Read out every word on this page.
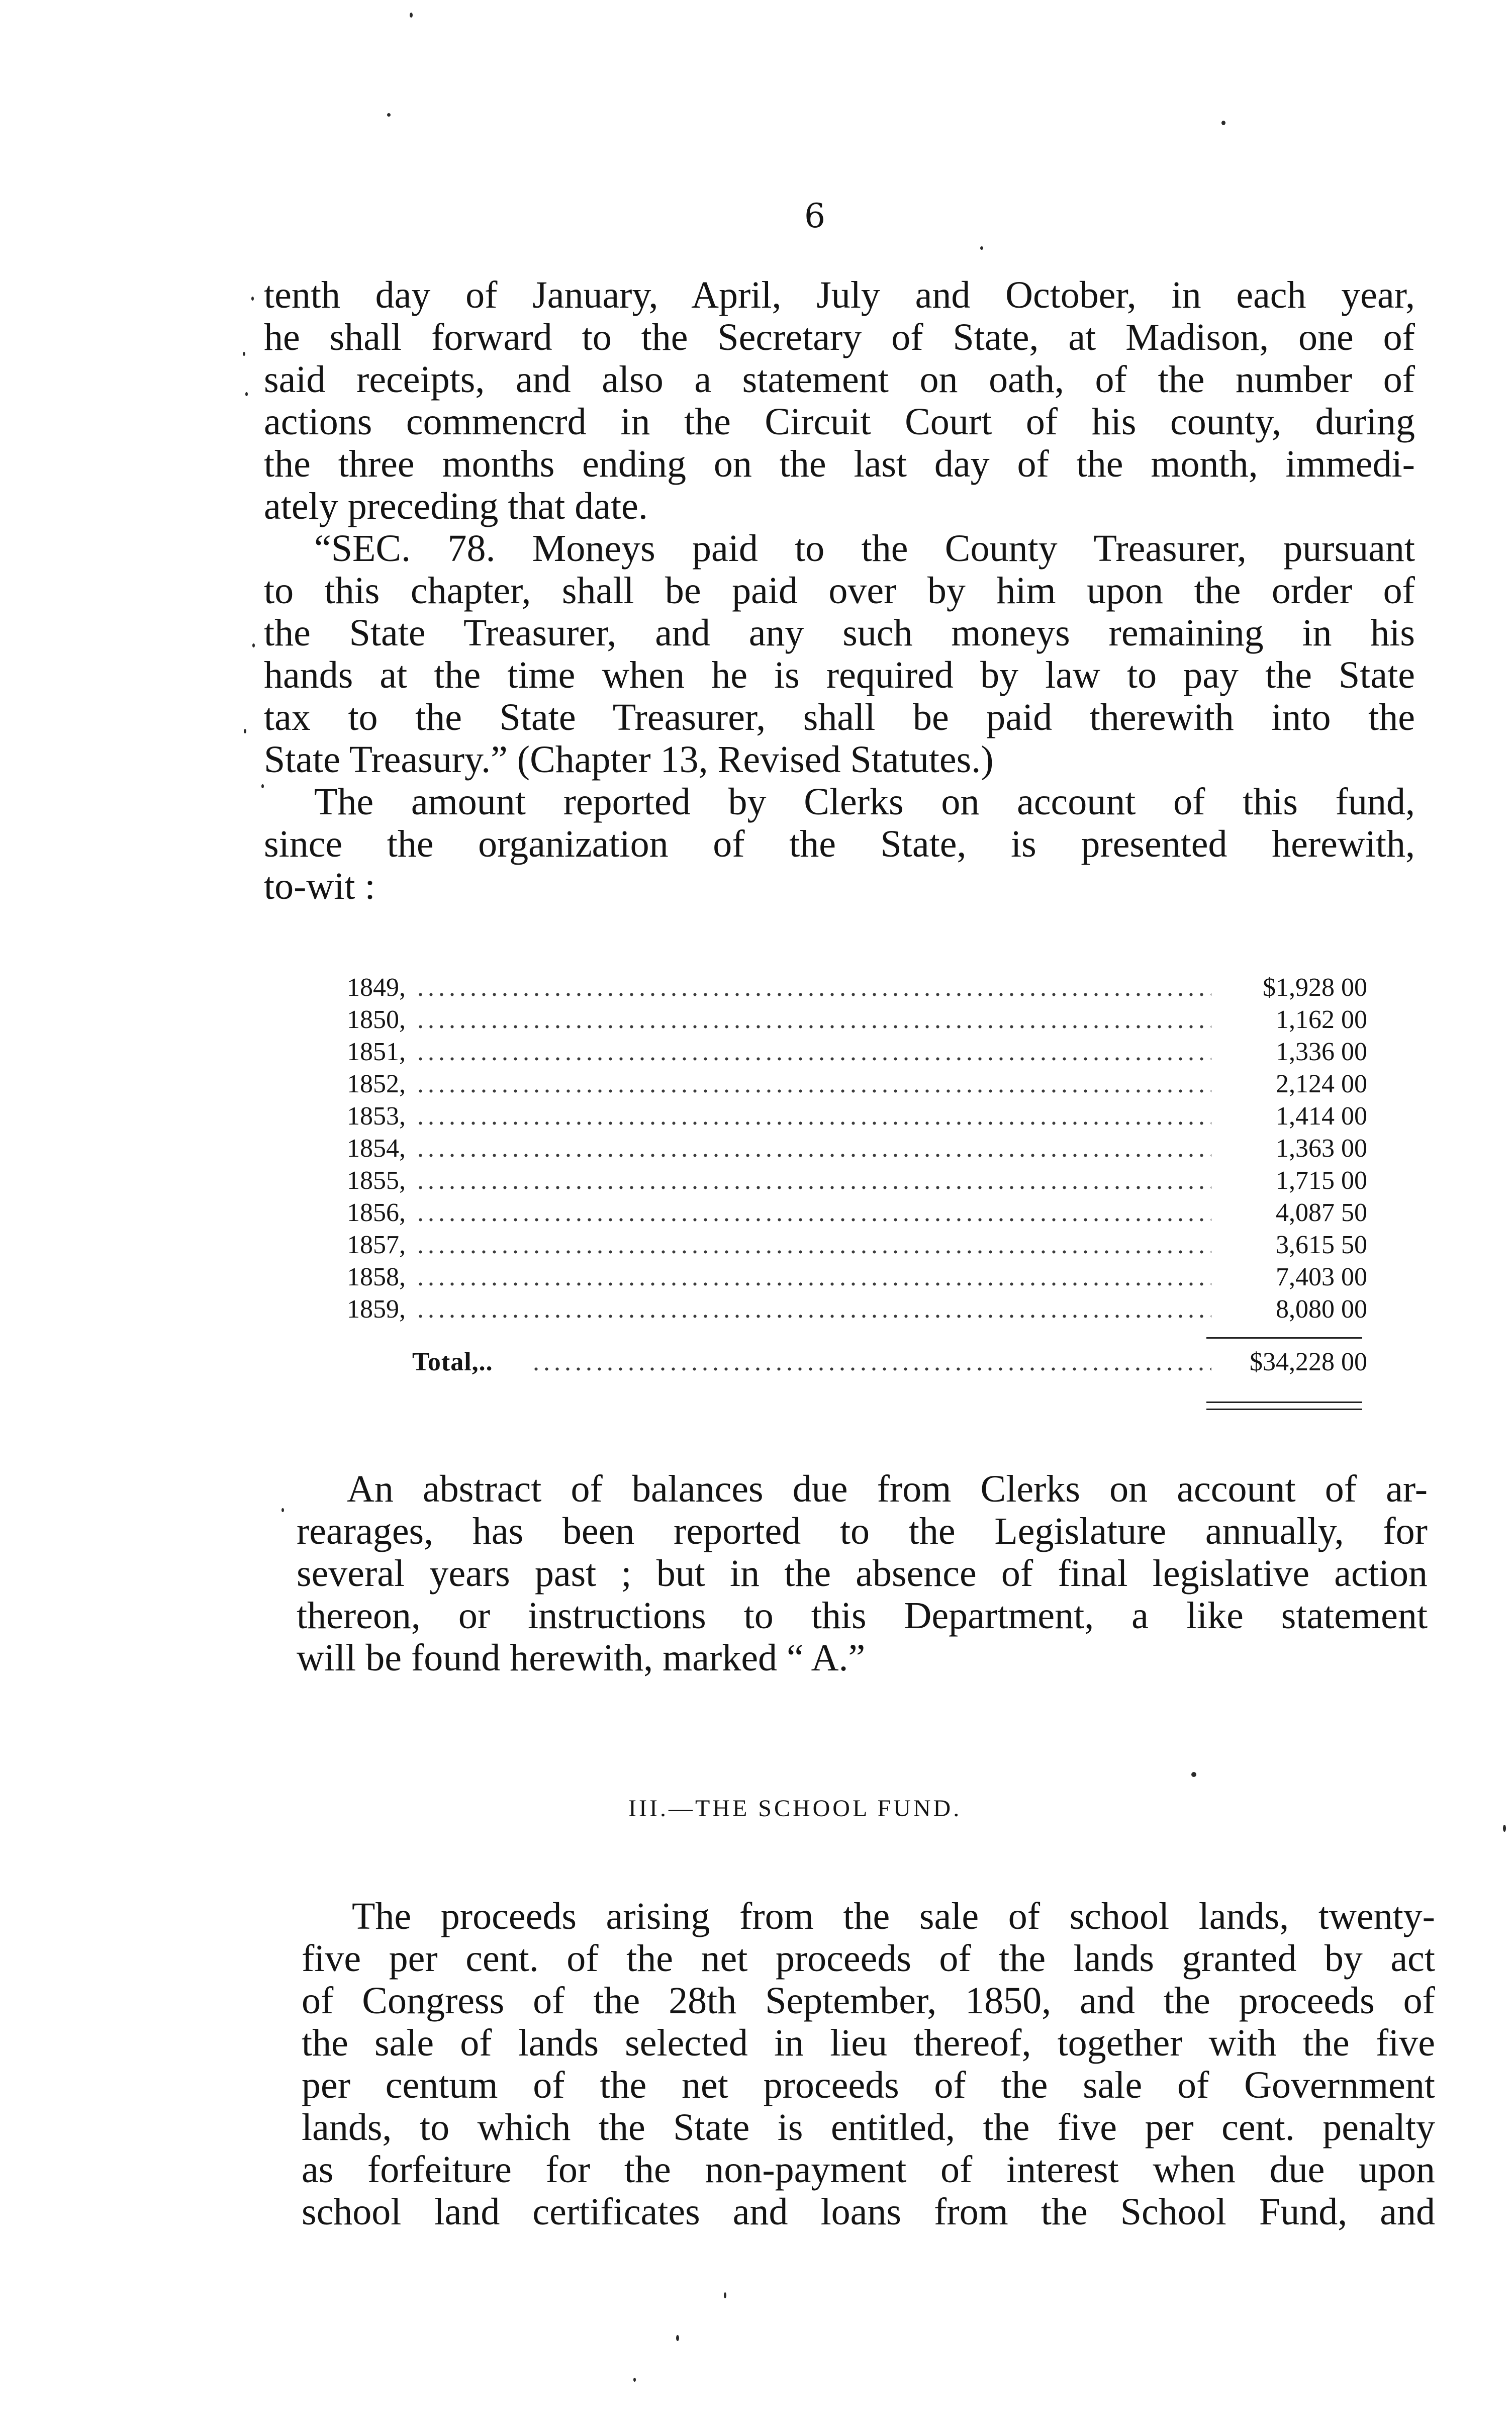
6
tenth day of January, April, July and October, in each year,
he shall forward to the Secretary of State, at Madison, one of
said receipts, and also a statement on oath, of the number of
actions commencrd in the Circuit Court of his county, during
the three months ending on the last day of the month, immedi-
ately preceding that date.
“SEC. 78. Moneys paid to the County Treasurer, pursuant
to this chapter, shall be paid over by him upon the order of
the State Treasurer, and any such moneys remaining in his
hands at the time when he is required by law to pay the State
tax to the State Treasurer, shall be paid therewith into the
State Treasury.” (Chapter 13, Revised Statutes.)
The amount reported by Clerks on account of this fund,
since the organization of the State, is presented herewith,
to-wit :
1849, .....	$1,928 00
1850, .....	1,162 00
1851, .....	1,336 00
1852, .....	2,124 00
1853, .....	1,414 00
1854, .....	1,363 00
1855, .....	1,715 00
1856, .....	4,087 50
1857, .....	3,615 50
1858, .....	7,403 00
1859, .....	8,080 00
Total,.. .....	$34,228 00
An abstract of balances due from Clerks on account of ar-
rearages, has been reported to the Legislature annually, for
several years past ; but in the absence of final legislative action
thereon, or instructions to this Department, a like statement
will be found herewith, marked “ A.”
III.—THE SCHOOL FUND.
The proceeds arising from the sale of school lands, twenty-
five per cent. of the net proceeds of the lands granted by act
of Congress of the 28th September, 1850, and the proceeds of
the sale of lands selected in lieu thereof, together with the five
per centum of the net proceeds of the sale of Government
lands, to which the State is entitled, the five per cent. penalty
as forfeiture for the non-payment of interest when due upon
school land certificates and loans from the School Fund, and
